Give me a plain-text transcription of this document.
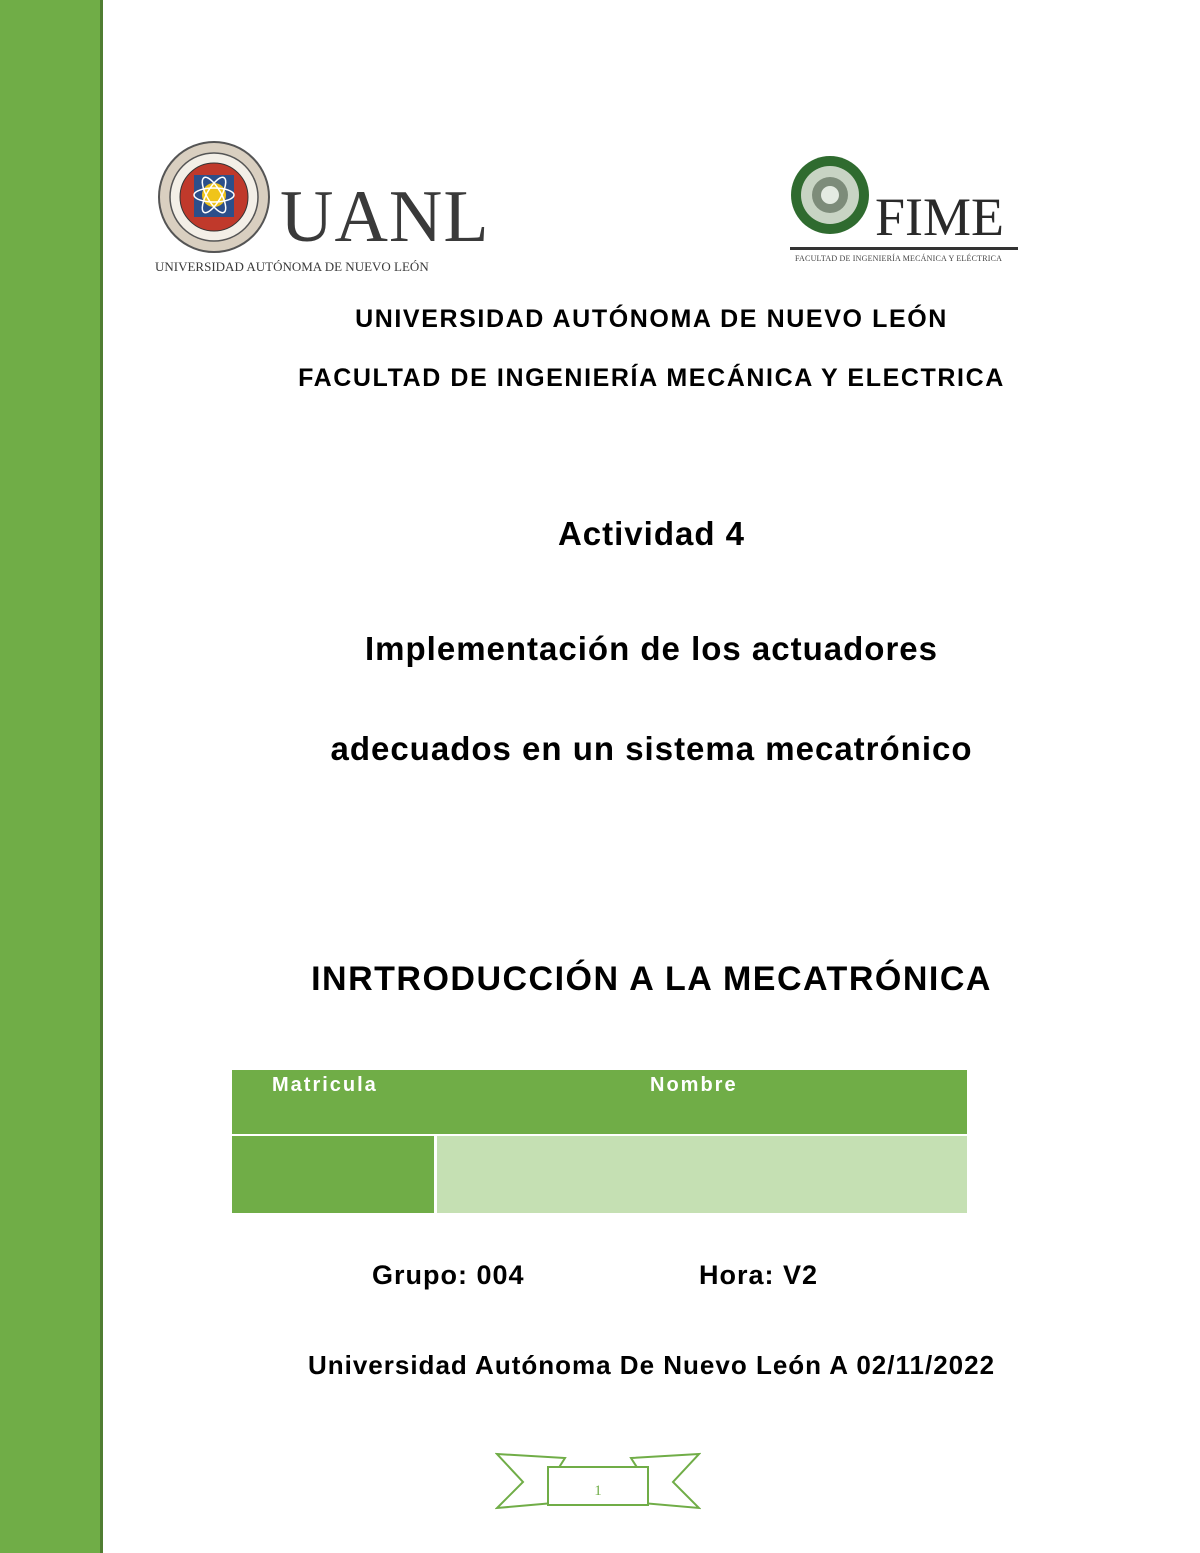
UANL
UNIVERSIDAD AUTÓNOMA DE NUEVO LEÓN
FIME
FACULTAD DE INGENIERÍA MECÁNICA Y ELÉCTRICA
UNIVERSIDAD AUTÓNOMA DE NUEVO LEÓN
FACULTAD DE INGENIERÍA MECÁNICA Y ELECTRICA
Actividad 4
Implementación de los actuadores
adecuados en un sistema mecatrónico
INRTRODUCCIÓN A LA MECATRÓNICA
Matricula	Nombre
Grupo: 004	Hora: V2
Universidad Autónoma De Nuevo León A 02/11/2022
1
